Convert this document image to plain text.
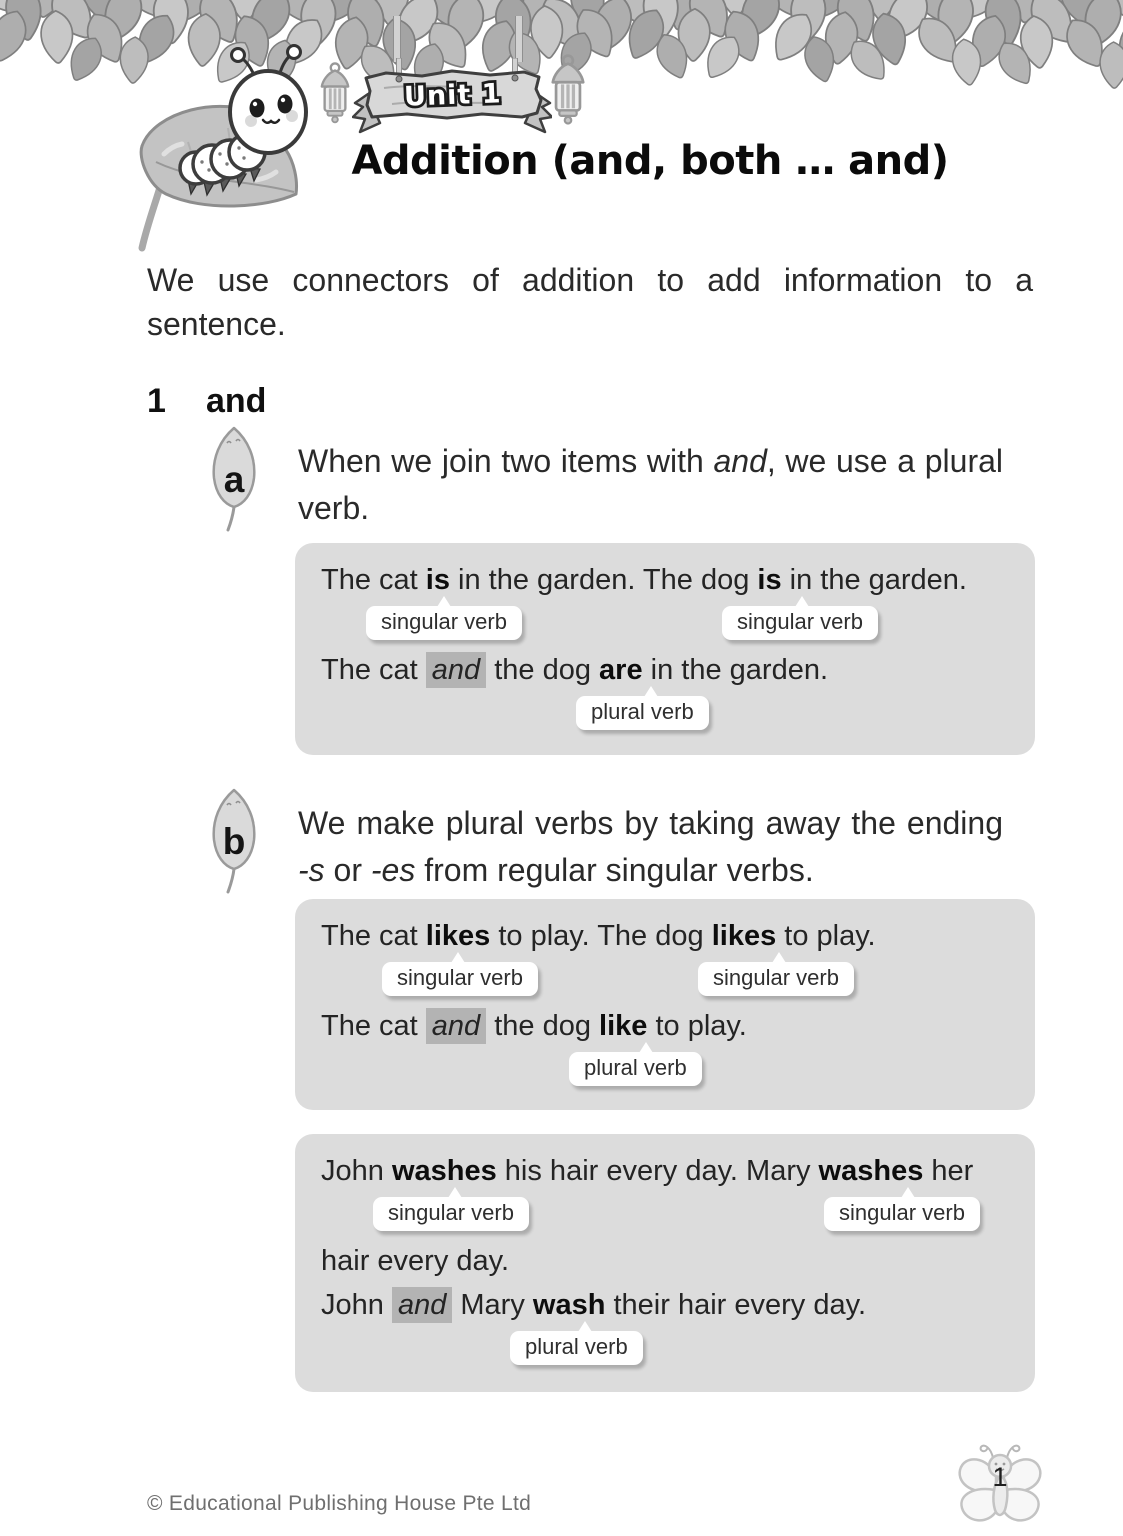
Unit 1
Addition (and, both … and)

We use connectors of addition to add information to a sentence.

1 and
a When we join two items with and, we use a plural verb.

The cat is in the garden. The dog is in the garden.
singular verb	singular verb
The cat and the dog are in the garden.
plural verb
b We make plural verbs by taking away the ending -s or -es from regular singular verbs.

The cat likes to play. The dog likes to play.
singular verb	singular verb
The cat and the dog like to play.
plural verb
John washes his hair every day. Mary washes her
singular verb	singular verb
hair every day.
John and Mary wash their hair every day.
plural verb
© Educational Publishing House Pte Ltd
1
